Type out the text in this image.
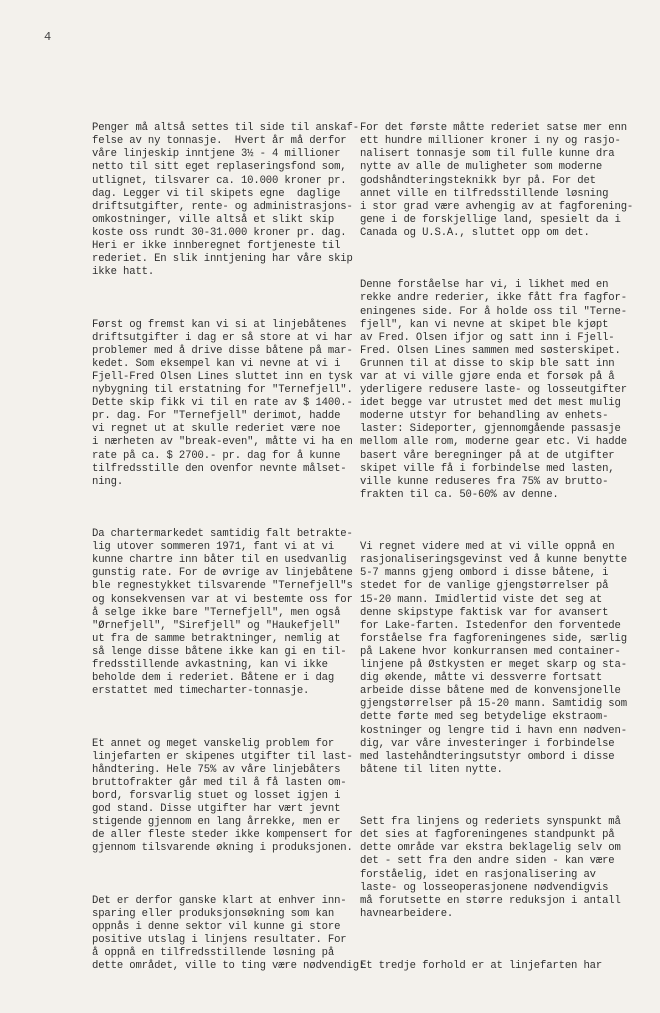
4

Penger må altså settes til side til anskaf-
felse av ny tonnasje.  Hvert år må derfor
våre linjeskip inntjene 3½ - 4 millioner
netto til sitt eget replaseringsfond som,
utlignet, tilsvarer ca. 10.000 kroner pr.
dag. Legger vi til skipets egne  daglige
driftsutgifter, rente- og administrasjons-
omkostninger, ville altså et slikt skip
koste oss rundt 30-31.000 kroner pr. dag.
Heri er ikke innberegnet fortjeneste til
rederiet. En slik inntjening har våre skip
ikke hatt.

Først og fremst kan vi si at linjebåtenes
driftsutgifter i dag er så store at vi har
problemer med å drive disse båtene på mar-
kedet. Som eksempel kan vi nevne at vi i
Fjell-Fred Olsen Lines sluttet inn en tysk
nybygning til erstatning for "Ternefjell".
Dette skip fikk vi til en rate av $ 1400.-
pr. dag. For "Ternefjell" derimot, hadde
vi regnet ut at skulle rederiet være noe
i nærheten av "break-even", måtte vi ha en
rate på ca. $ 2700.- pr. dag for å kunne
tilfredsstille den ovenfor nevnte målset-
ning.

Da chartermarkedet samtidig falt betrakte-
lig utover sommeren 1971, fant vi at vi
kunne chartre inn båter til en usedvanlig
gunstig rate. For de øvrige av linjebåtene
ble regnestykket tilsvarende "Ternefjell"s
og konsekvensen var at vi bestemte oss for
å selge ikke bare "Ternefjell", men også
"Ørnefjell", "Sirefjell" og "Haukefjell"
ut fra de samme betraktninger, nemlig at
så lenge disse båtene ikke kan gi en til-
fredsstillende avkastning, kan vi ikke
beholde dem i rederiet. Båtene er i dag
erstattet med timecharter-tonnasje.

Et annet og meget vanskelig problem for
linjefarten er skipenes utgifter til last-
håndtering. Hele 75% av våre linjebåters
bruttofrakter går med til å få lasten om-
bord, forsvarlig stuet og losset igjen i
god stand. Disse utgifter har vært jevnt
stigende gjennom en lang årrekke, men er
de aller fleste steder ikke kompensert for
gjennom tilsvarende økning i produksjonen.

Det er derfor ganske klart at enhver inn-
sparing eller produksjonsøkning som kan
oppnås i denne sektor vil kunne gi store
positive utslag i linjens resultater. For
å oppnå en tilfredsstillende løsning på
dette området, ville to ting være nødvendig:

For det første måtte rederiet satse mer enn
ett hundre millioner kroner i ny og rasjo-
nalisert tonnasje som til fulle kunne dra
nytte av alle de muligheter som moderne
godshåndteringsteknikk byr på. For det
annet ville en tilfredsstillende løsning
i stor grad være avhengig av at fagforening-
gene i de forskjellige land, spesielt da i
Canada og U.S.A., sluttet opp om det.

Denne forståelse har vi, i likhet med en
rekke andre rederier, ikke fått fra fagfor-
eningenes side. For å holde oss til "Terne-
fjell", kan vi nevne at skipet ble kjøpt
av Fred. Olsen ifjor og satt inn i Fjell-
Fred. Olsen Lines sammen med søsterskipet.
Grunnen til at disse to skip ble satt inn
var at vi ville gjøre enda et forsøk på å
yderligere redusere laste- og losseutgifter
idet begge var utrustet med det mest mulig
moderne utstyr for behandling av enhets-
laster: Sideporter, gjennomgående passasje
mellom alle rom, moderne gear etc. Vi hadde
basert våre beregninger på at de utgifter
skipet ville få i forbindelse med lasten,
ville kunne reduseres fra 75% av brutto-
frakten til ca. 50-60% av denne.

Vi regnet videre med at vi ville oppnå en
rasjonaliseringsgevinst ved å kunne benytte
5-7 manns gjeng ombord i disse båtene, i
stedet for de vanlige gjengstørrelser på
15-20 mann. Imidlertid viste det seg at
denne skipstype faktisk var for avansert
for Lake-farten. Istedenfor den forventede
forståelse fra fagforeningenes side, særlig
på Lakene hvor konkurransen med container-
linjene på Østkysten er meget skarp og sta-
dig økende, måtte vi dessverre fortsatt
arbeide disse båtene med de konvensjonelle
gjengstørrelser på 15-20 mann. Samtidig som
dette førte med seg betydelige ekstraom-
kostninger og lengre tid i havn enn nødven-
dig, var våre investeringer i forbindelse
med lastehåndteringsutstyr ombord i disse
båtene til liten nytte.

Sett fra linjens og rederiets synspunkt må
det sies at fagforeningenes standpunkt på
dette område var ekstra beklagelig selv om
det - sett fra den andre siden - kan være
forståelig, idet en rasjonalisering av
laste- og losseoperasjonene nødvendigvis
må forutsette en større reduksjon i antall
havnearbeidere.

Et tredje forhold er at linjefarten har
